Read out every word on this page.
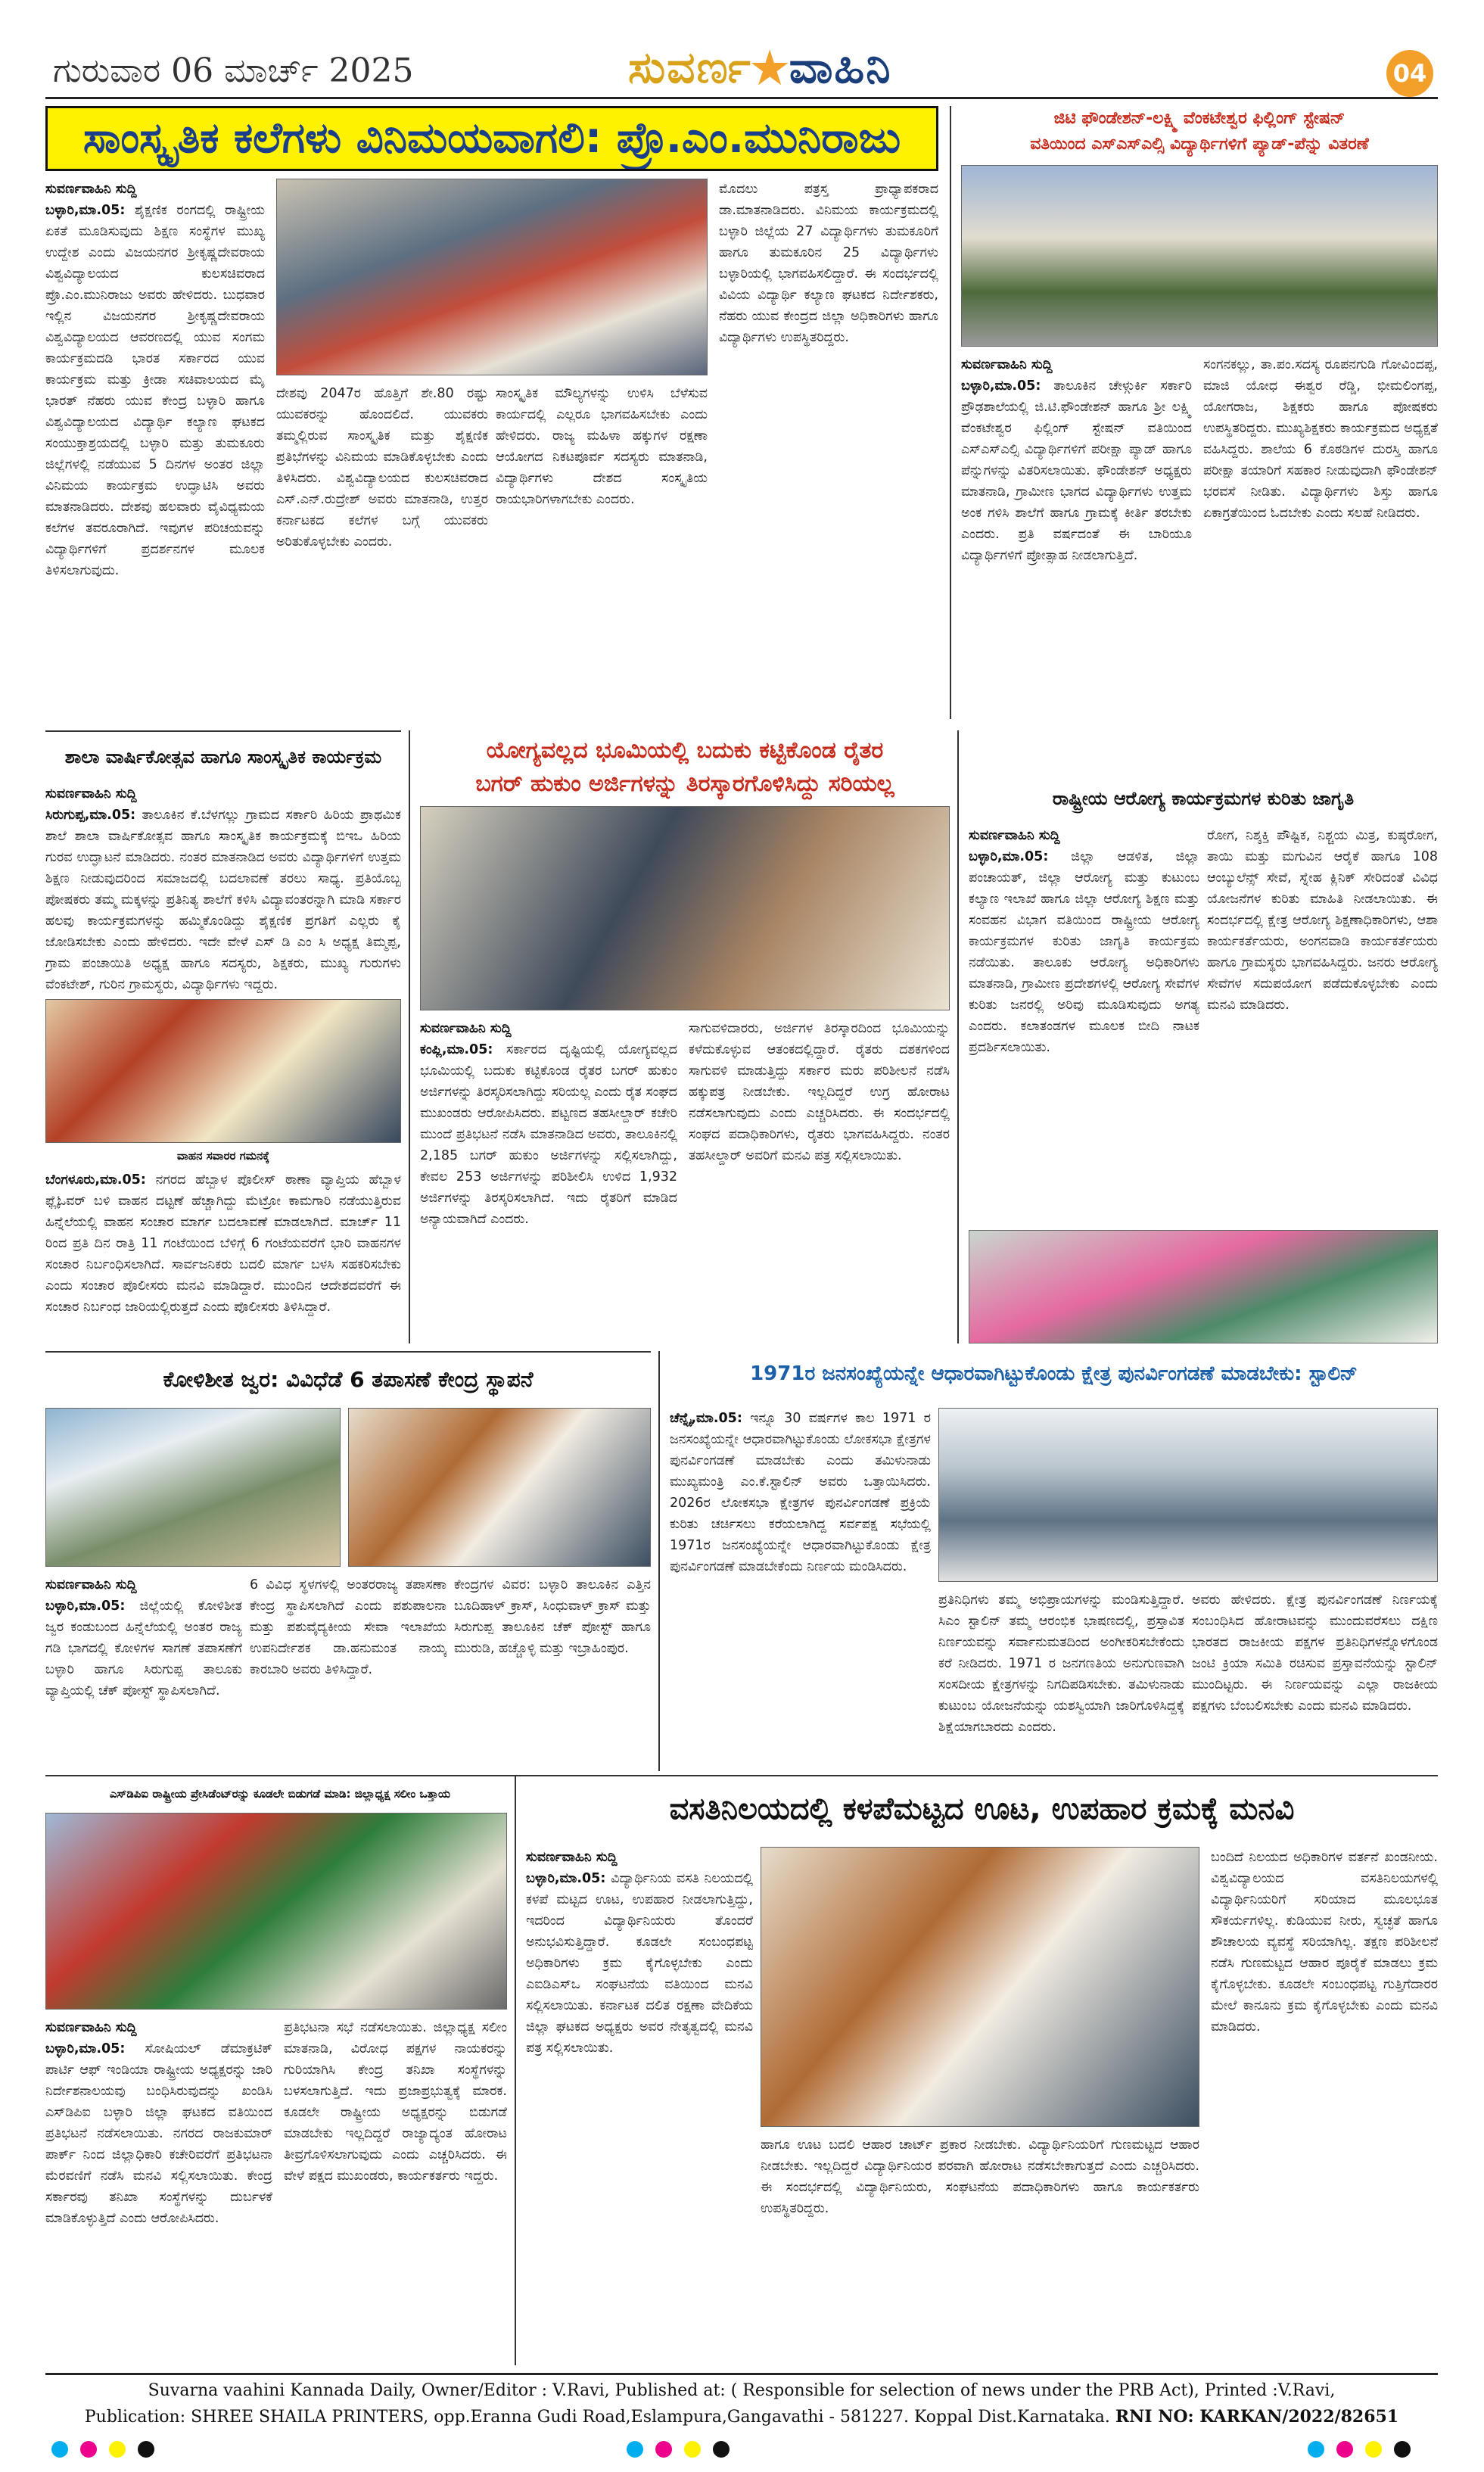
ಗುರುವಾರ 06 ಮಾರ್ಚ್ 2025	ಸುವರ್ಣ★ವಾಹಿನಿ	04
ಸಾಂಸ್ಕೃತಿಕ ಕಲೆಗಳು ವಿನಿಮಯವಾಗಲಿ: ಪ್ರೊ.ಎಂ.ಮುನಿರಾಜು
ಸುವರ್ಣವಾಹಿನಿ ಸುದ್ದಿ
ಬಳ್ಳಾರಿ,ಮಾ.05: ಶೈಕ್ಷಣಿಕ ರಂಗದಲ್ಲಿ ರಾಷ್ಟ್ರೀಯ ಏಕತೆ ಮೂಡಿಸುವುದು ಶಿಕ್ಷಣ ಸಂಸ್ಥೆಗಳ ಮುಖ್ಯ ಉದ್ದೇಶ ಎಂದು ವಿಜಯನಗರ ಶ್ರೀಕೃಷ್ಣದೇವರಾಯ ವಿಶ್ವವಿದ್ಯಾಲಯದ ಕುಲಸಚಿವರಾದ ಪ್ರೊ.ಎಂ.ಮುನಿರಾಜು ಅವರು ಹೇಳಿದರು. ಬುಧವಾರ ಇಲ್ಲಿನ ವಿಜಯನಗರ ಶ್ರೀಕೃಷ್ಣದೇವರಾಯ ವಿಶ್ವವಿದ್ಯಾಲಯದ ಆವರಣದಲ್ಲಿ ಯುವ ಸಂಗಮ ಕಾರ್ಯಕ್ರಮದಡಿ ಭಾರತ ಸರ್ಕಾರದ ಯುವ ಕಾರ್ಯಕ್ರಮ ಮತ್ತು ಕ್ರೀಡಾ ಸಚಿವಾಲಯದ ಮೈ ಭಾರತ್ ನೆಹರು ಯುವ ಕೇಂದ್ರ ಬಳ್ಳಾರಿ ಹಾಗೂ ವಿಶ್ವವಿದ್ಯಾಲಯದ ವಿದ್ಯಾರ್ಥಿ ಕಲ್ಯಾಣ ಘಟಕದ ಸಂಯುಕ್ತಾಶ್ರಯದಲ್ಲಿ ಬಳ್ಳಾರಿ ಮತ್ತು ತುಮಕೂರು ಜಿಲ್ಲೆಗಳಲ್ಲಿ ನಡೆಯುವ 5 ದಿನಗಳ ಅಂತರ ಜಿಲ್ಲಾ ವಿನಿಮಯ ಕಾರ್ಯಕ್ರಮ ಉದ್ಘಾಟಿಸಿ ಅವರು ಮಾತನಾಡಿದರು. ದೇಶವು ಹಲವಾರು ವೈವಿಧ್ಯಮಯ ಕಲೆಗಳ ತವರೂರಾಗಿದೆ. ಇವುಗಳ ಪರಿಚಯವನ್ನು ವಿದ್ಯಾರ್ಥಿಗಳಿಗೆ ಪ್ರದರ್ಶನಗಳ ಮೂಲಕ ತಿಳಿಸಲಾಗುವುದು.
ದೇಶವು 2047ರ ಹೊತ್ತಿಗೆ ಶೇ.80 ರಷ್ಟು ಯುವಕರನ್ನು ಹೊಂದಲಿದೆ. ಯುವಕರು ತಮ್ಮಲ್ಲಿರುವ ಸಾಂಸ್ಕೃತಿಕ ಮತ್ತು ಶೈಕ್ಷಣಿಕ ಪ್ರತಿಭೆಗಳನ್ನು ವಿನಿಮಯ ಮಾಡಿಕೊಳ್ಳಬೇಕು ಎಂದು ತಿಳಿಸಿದರು. ವಿಶ್ವವಿದ್ಯಾಲಯದ ಕುಲಸಚಿವರಾದ ಎಸ್.ಎನ್.ರುದ್ರೇಶ್ ಅವರು ಮಾತನಾಡಿ, ಉತ್ತರ ಕರ್ನಾಟಕದ ಕಲೆಗಳ ಬಗ್ಗೆ ಯುವಕರು ಅರಿತುಕೊಳ್ಳಬೇಕು ಎಂದರು.
ಸಾಂಸ್ಕೃತಿಕ ಮೌಲ್ಯಗಳನ್ನು ಉಳಿಸಿ ಬೆಳೆಸುವ ಕಾರ್ಯದಲ್ಲಿ ಎಲ್ಲರೂ ಭಾಗವಹಿಸಬೇಕು ಎಂದು ಹೇಳಿದರು. ರಾಜ್ಯ ಮಹಿಳಾ ಹಕ್ಕುಗಳ ರಕ್ಷಣಾ ಆಯೋಗದ ನಿಕಟಪೂರ್ವ ಸದಸ್ಯರು ಮಾತನಾಡಿ, ವಿದ್ಯಾರ್ಥಿಗಳು ದೇಶದ ಸಂಸ್ಕೃತಿಯ ರಾಯಭಾರಿಗಳಾಗಬೇಕು ಎಂದರು.
ಮೊದಲು ಪತ್ರಸ್ತ ಪ್ರಾಧ್ಯಾಪಕರಾದ ಡಾ.ಮಾತನಾಡಿದರು. ವಿನಿಮಯ ಕಾರ್ಯಕ್ರಮದಲ್ಲಿ ಬಳ್ಳಾರಿ ಜಿಲ್ಲೆಯ 27 ವಿದ್ಯಾರ್ಥಿಗಳು ತುಮಕೂರಿಗೆ ಹಾಗೂ ತುಮಕೂರಿನ 25 ವಿದ್ಯಾರ್ಥಿಗಳು ಬಳ್ಳಾರಿಯಲ್ಲಿ ಭಾಗವಹಿಸಲಿದ್ದಾರೆ. ಈ ಸಂದರ್ಭದಲ್ಲಿ ವಿವಿಯ ವಿದ್ಯಾರ್ಥಿ ಕಲ್ಯಾಣ ಘಟಕದ ನಿರ್ದೇಶಕರು, ನೆಹರು ಯುವ ಕೇಂದ್ರದ ಜಿಲ್ಲಾ ಅಧಿಕಾರಿಗಳು ಹಾಗೂ ವಿದ್ಯಾರ್ಥಿಗಳು ಉಪಸ್ಥಿತರಿದ್ದರು.
ಜಿಟಿ ಫೌಂಡೇಶನ್-ಲಕ್ಷ್ಮಿ ವೆಂಕಟೇಶ್ವರ ಫಿಲ್ಲಿಂಗ್ ಸ್ಟೇಷನ್
ವತಿಯಿಂದ ಎಸ್ಎಸ್ಎಲ್ಸಿ ವಿದ್ಯಾರ್ಥಿಗಳಿಗೆ ಪ್ಯಾಡ್-ಪೆನ್ನು ವಿತರಣೆ
ಸುವರ್ಣವಾಹಿನಿ ಸುದ್ದಿ
ಬಳ್ಳಾರಿ,ಮಾ.05: ತಾಲೂಕಿನ ಚೇಳ್ಗುರ್ಕಿ ಸರ್ಕಾರಿ ಪ್ರೌಢಶಾಲೆಯಲ್ಲಿ ಜಿ.ಟಿ.ಫೌಂಡೇಶನ್ ಹಾಗೂ ಶ್ರೀ ಲಕ್ಷ್ಮಿ ವೆಂಕಟೇಶ್ವರ ಫಿಲ್ಲಿಂಗ್ ಸ್ಟೇಷನ್ ವತಿಯಿಂದ ಎಸ್ಎಸ್ಎಲ್ಸಿ ವಿದ್ಯಾರ್ಥಿಗಳಿಗೆ ಪರೀಕ್ಷಾ ಪ್ಯಾಡ್ ಹಾಗೂ ಪೆನ್ನುಗಳನ್ನು ವಿತರಿಸಲಾಯಿತು. ಫೌಂಡೇಶನ್ ಅಧ್ಯಕ್ಷರು ಮಾತನಾಡಿ, ಗ್ರಾಮೀಣ ಭಾಗದ ವಿದ್ಯಾರ್ಥಿಗಳು ಉತ್ತಮ ಅಂಕ ಗಳಿಸಿ ಶಾಲೆಗೆ ಹಾಗೂ ಗ್ರಾಮಕ್ಕೆ ಕೀರ್ತಿ ತರಬೇಕು ಎಂದರು. ಪ್ರತಿ ವರ್ಷದಂತೆ ಈ ಬಾರಿಯೂ ವಿದ್ಯಾರ್ಥಿಗಳಿಗೆ ಪ್ರೋತ್ಸಾಹ ನೀಡಲಾಗುತ್ತಿದೆ.
ಸಂಗನಕಲ್ಲು, ತಾ.ಪಂ.ಸದಸ್ಯ ರೂಪನಗುಡಿ ಗೋವಿಂದಪ್ಪ, ಮಾಜಿ ಯೋಧ ಈಶ್ವರ ರೆಡ್ಡಿ, ಭೀಮಲಿಂಗಪ್ಪ, ಯೋಗರಾಜ, ಶಿಕ್ಷಕರು ಹಾಗೂ ಪೋಷಕರು ಉಪಸ್ಥಿತರಿದ್ದರು. ಮುಖ್ಯಶಿಕ್ಷಕರು ಕಾರ್ಯಕ್ರಮದ ಅಧ್ಯಕ್ಷತೆ ವಹಿಸಿದ್ದರು. ಶಾಲೆಯ 6 ಕೊಠಡಿಗಳ ದುರಸ್ತಿ ಹಾಗೂ ಪರೀಕ್ಷಾ ತಯಾರಿಗೆ ಸಹಕಾರ ನೀಡುವುದಾಗಿ ಫೌಂಡೇಶನ್ ಭರವಸೆ ನೀಡಿತು. ವಿದ್ಯಾರ್ಥಿಗಳು ಶಿಸ್ತು ಹಾಗೂ ಏಕಾಗ್ರತೆಯಿಂದ ಓದಬೇಕು ಎಂದು ಸಲಹೆ ನೀಡಿದರು.
ಶಾಲಾ ವಾರ್ಷಿಕೋತ್ಸವ ಹಾಗೂ ಸಾಂಸ್ಕೃತಿಕ ಕಾರ್ಯಕ್ರಮ
ಸುವರ್ಣವಾಹಿನಿ ಸುದ್ದಿ
ಸಿರುಗುಪ್ಪ,ಮಾ.05: ತಾಲೂಕಿನ ಕೆ.ಬೆಳಗಲ್ಲು ಗ್ರಾಮದ ಸರ್ಕಾರಿ ಹಿರಿಯ ಪ್ರಾಥಮಿಕ ಶಾಲೆ ಶಾಲಾ ವಾರ್ಷಿಕೋತ್ಸವ ಹಾಗೂ ಸಾಂಸ್ಕೃತಿಕ ಕಾರ್ಯಕ್ರಮಕ್ಕೆ ಬಿಇಒ ಹಿರಿಯ ಗುರವ ಉದ್ಘಾಟನೆ ಮಾಡಿದರು. ನಂತರ ಮಾತನಾಡಿದ ಅವರು ವಿದ್ಯಾರ್ಥಿಗಳಿಗೆ ಉತ್ತಮ ಶಿಕ್ಷಣ ನೀಡುವುದರಿಂದ ಸಮಾಜದಲ್ಲಿ ಬದಲಾವಣೆ ತರಲು ಸಾಧ್ಯ. ಪ್ರತಿಯೊಬ್ಬ ಪೋಷಕರು ತಮ್ಮ ಮಕ್ಕಳನ್ನು ಪ್ರತಿನಿತ್ಯ ಶಾಲೆಗೆ ಕಳಿಸಿ ವಿದ್ಯಾವಂತರನ್ನಾಗಿ ಮಾಡಿ ಸರ್ಕಾರ ಹಲವು ಕಾರ್ಯಕ್ರಮಗಳನ್ನು ಹಮ್ಮಿಕೊಂಡಿದ್ದು ಶೈಕ್ಷಣಿಕ ಪ್ರಗತಿಗೆ ಎಲ್ಲರು ಕೈ ಜೋಡಿಸಬೇಕು ಎಂದು ಹೇಳಿದರು. ಇದೇ ವೇಳೆ ಎಸ್ ಡಿ ಎಂ ಸಿ ಅಧ್ಯಕ್ಷ ತಿಮ್ಮಪ್ಪ, ಗ್ರಾಮ ಪಂಚಾಯಿತಿ ಅಧ್ಯಕ್ಷ ಹಾಗೂ ಸದಸ್ಯರು, ಶಿಕ್ಷಕರು, ಮುಖ್ಯ ಗುರುಗಳು ವೆಂಕಟೇಶ್, ಗುರಿನ ಗ್ರಾಮಸ್ಥರು, ವಿದ್ಯಾರ್ಥಿಗಳು ಇದ್ದರು.
ವಾಹನ ಸವಾರರ ಗಮನಕ್ಕೆ
ಬೆಂಗಳೂರು,ಮಾ.05: ನಗರದ ಹೆಬ್ಬಾಳ ಪೊಲೀಸ್ ಠಾಣಾ ವ್ಯಾಪ್ತಿಯ ಹೆಬ್ಬಾಳ ಫ್ಲೈಓವರ್ ಬಳಿ ವಾಹನ ದಟ್ಟಣೆ ಹೆಚ್ಚಾಗಿದ್ದು ಮೆಟ್ರೋ ಕಾಮಗಾರಿ ನಡೆಯುತ್ತಿರುವ ಹಿನ್ನೆಲೆಯಲ್ಲಿ ವಾಹನ ಸಂಚಾರ ಮಾರ್ಗ ಬದಲಾವಣೆ ಮಾಡಲಾಗಿದೆ. ಮಾರ್ಚ್ 11 ರಿಂದ ಪ್ರತಿ ದಿನ ರಾತ್ರಿ 11 ಗಂಟೆಯಿಂದ ಬೆಳಿಗ್ಗೆ 6 ಗಂಟೆಯವರೆಗೆ ಭಾರಿ ವಾಹನಗಳ ಸಂಚಾರ ನಿರ್ಬಂಧಿಸಲಾಗಿದೆ. ಸಾರ್ವಜನಿಕರು ಬದಲಿ ಮಾರ್ಗ ಬಳಸಿ ಸಹಕರಿಸಬೇಕು ಎಂದು ಸಂಚಾರ ಪೊಲೀಸರು ಮನವಿ ಮಾಡಿದ್ದಾರೆ. ಮುಂದಿನ ಆದೇಶದವರೆಗೆ ಈ ಸಂಚಾರ ನಿರ್ಬಂಧ ಜಾರಿಯಲ್ಲಿರುತ್ತದೆ ಎಂದು ಪೊಲೀಸರು ತಿಳಿಸಿದ್ದಾರೆ.
ಯೋಗ್ಯವಲ್ಲದ ಭೂಮಿಯಲ್ಲಿ ಬದುಕು ಕಟ್ಟಿಕೊಂಡ ರೈತರ
ಬಗರ್ ಹುಕುಂ ಅರ್ಜಿಗಳನ್ನು ತಿರಸ್ಕಾರಗೊಳಿಸಿದ್ದು ಸರಿಯಲ್ಲ
ಸುವರ್ಣವಾಹಿನಿ ಸುದ್ದಿ
ಕಂಪ್ಲಿ,ಮಾ.05: ಸರ್ಕಾರದ ದೃಷ್ಟಿಯಲ್ಲಿ ಯೋಗ್ಯವಲ್ಲದ ಭೂಮಿಯಲ್ಲಿ ಬದುಕು ಕಟ್ಟಿಕೊಂಡ ರೈತರ ಬಗರ್ ಹುಕುಂ ಅರ್ಜಿಗಳನ್ನು ತಿರಸ್ಕರಿಸಲಾಗಿದ್ದು ಸರಿಯಲ್ಲ ಎಂದು ರೈತ ಸಂಘದ ಮುಖಂಡರು ಆರೋಪಿಸಿದರು. ಪಟ್ಟಣದ ತಹಸೀಲ್ದಾರ್ ಕಚೇರಿ ಮುಂದೆ ಪ್ರತಿಭಟನೆ ನಡೆಸಿ ಮಾತನಾಡಿದ ಅವರು, ತಾಲೂಕಿನಲ್ಲಿ 2,185 ಬಗರ್ ಹುಕುಂ ಅರ್ಜಿಗಳನ್ನು ಸಲ್ಲಿಸಲಾಗಿದ್ದು, ಕೇವಲ 253 ಅರ್ಜಿಗಳನ್ನು ಪರಿಶೀಲಿಸಿ ಉಳಿದ 1,932 ಅರ್ಜಿಗಳನ್ನು ತಿರಸ್ಕರಿಸಲಾಗಿದೆ. ಇದು ರೈತರಿಗೆ ಮಾಡಿದ ಅನ್ಯಾಯವಾಗಿದೆ ಎಂದರು.
ಸಾಗುವಳಿದಾರರು, ಅರ್ಜಿಗಳ ತಿರಸ್ಕಾರದಿಂದ ಭೂಮಿಯನ್ನು ಕಳೆದುಕೊಳ್ಳುವ ಆತಂಕದಲ್ಲಿದ್ದಾರೆ. ರೈತರು ದಶಕಗಳಿಂದ ಸಾಗುವಳಿ ಮಾಡುತ್ತಿದ್ದು ಸರ್ಕಾರ ಮರು ಪರಿಶೀಲನೆ ನಡೆಸಿ ಹಕ್ಕುಪತ್ರ ನೀಡಬೇಕು. ಇಲ್ಲದಿದ್ದರೆ ಉಗ್ರ ಹೋರಾಟ ನಡೆಸಲಾಗುವುದು ಎಂದು ಎಚ್ಚರಿಸಿದರು. ಈ ಸಂದರ್ಭದಲ್ಲಿ ಸಂಘದ ಪದಾಧಿಕಾರಿಗಳು, ರೈತರು ಭಾಗವಹಿಸಿದ್ದರು. ನಂತರ ತಹಸೀಲ್ದಾರ್ ಅವರಿಗೆ ಮನವಿ ಪತ್ರ ಸಲ್ಲಿಸಲಾಯಿತು.
ರಾಷ್ಟ್ರೀಯ ಆರೋಗ್ಯ ಕಾರ್ಯಕ್ರಮಗಳ ಕುರಿತು ಜಾಗೃತಿ
ಸುವರ್ಣವಾಹಿನಿ ಸುದ್ದಿ
ಬಳ್ಳಾರಿ,ಮಾ.05: ಜಿಲ್ಲಾ ಆಡಳಿತ, ಜಿಲ್ಲಾ ಪಂಚಾಯತ್, ಜಿಲ್ಲಾ ಆರೋಗ್ಯ ಮತ್ತು ಕುಟುಂಬ ಕಲ್ಯಾಣ ಇಲಾಖೆ ಹಾಗೂ ಜಿಲ್ಲಾ ಆರೋಗ್ಯ ಶಿಕ್ಷಣ ಮತ್ತು ಸಂವಹನ ವಿಭಾಗ ವತಿಯಿಂದ ರಾಷ್ಟ್ರೀಯ ಆರೋಗ್ಯ ಕಾರ್ಯಕ್ರಮಗಳ ಕುರಿತು ಜಾಗೃತಿ ಕಾರ್ಯಕ್ರಮ ನಡೆಯಿತು. ತಾಲೂಕು ಆರೋಗ್ಯ ಅಧಿಕಾರಿಗಳು ಮಾತನಾಡಿ, ಗ್ರಾಮೀಣ ಪ್ರದೇಶಗಳಲ್ಲಿ ಆರೋಗ್ಯ ಸೇವೆಗಳ ಕುರಿತು ಜನರಲ್ಲಿ ಅರಿವು ಮೂಡಿಸುವುದು ಅಗತ್ಯ ಎಂದರು. ಕಲಾತಂಡಗಳ ಮೂಲಕ ಬೀದಿ ನಾಟಕ ಪ್ರದರ್ಶಿಸಲಾಯಿತು.
ರೋಗ, ನಿಶ್ಶಕ್ತಿ ಪೌಷ್ಟಿಕ, ನಿಶ್ಚಯ ಮಿತ್ರ, ಕುಷ್ಠರೋಗ, ತಾಯಿ ಮತ್ತು ಮಗುವಿನ ಆರೈಕೆ ಹಾಗೂ 108 ಆಂಬ್ಯುಲೆನ್ಸ್ ಸೇವೆ, ಸ್ನೇಹ ಕ್ಲಿನಿಕ್ ಸೇರಿದಂತೆ ವಿವಿಧ ಯೋಜನೆಗಳ ಕುರಿತು ಮಾಹಿತಿ ನೀಡಲಾಯಿತು. ಈ ಸಂದರ್ಭದಲ್ಲಿ ಕ್ಷೇತ್ರ ಆರೋಗ್ಯ ಶಿಕ್ಷಣಾಧಿಕಾರಿಗಳು, ಆಶಾ ಕಾರ್ಯಕರ್ತೆಯರು, ಅಂಗನವಾಡಿ ಕಾರ್ಯಕರ್ತೆಯರು ಹಾಗೂ ಗ್ರಾಮಸ್ಥರು ಭಾಗವಹಿಸಿದ್ದರು. ಜನರು ಆರೋಗ್ಯ ಸೇವೆಗಳ ಸದುಪಯೋಗ ಪಡೆದುಕೊಳ್ಳಬೇಕು ಎಂದು ಮನವಿ ಮಾಡಿದರು.
ಕೋಳಿಶೀತ ಜ್ವರ: ವಿವಿಧೆಡೆ 6 ತಪಾಸಣೆ ಕೇಂದ್ರ ಸ್ಥಾಪನೆ
ಸುವರ್ಣವಾಹಿನಿ ಸುದ್ದಿ
ಬಳ್ಳಾರಿ,ಮಾ.05: ಜಿಲ್ಲೆಯಲ್ಲಿ ಕೋಳಿಶೀತ ಜ್ವರ ಕಂಡುಬಂದ ಹಿನ್ನೆಲೆಯಲ್ಲಿ ಅಂತರ ರಾಜ್ಯ ಗಡಿ ಭಾಗದಲ್ಲಿ ಕೋಳಿಗಳ ಸಾಗಣೆ ತಪಾಸಣೆಗೆ ಬಳ್ಳಾರಿ ಹಾಗೂ ಸಿರುಗುಪ್ಪ ತಾಲೂಕು ವ್ಯಾಪ್ತಿಯಲ್ಲಿ ಚೆಕ್ ಪೋಸ್ಟ್ ಸ್ಥಾಪಿಸಲಾಗಿದೆ.
6 ವಿವಿಧ ಸ್ಥಳಗಳಲ್ಲಿ ಅಂತರರಾಜ್ಯ ತಪಾಸಣಾ ಕೇಂದ್ರ ಸ್ಥಾಪಿಸಲಾಗಿದೆ ಎಂದು ಪಶುಪಾಲನಾ ಮತ್ತು ಪಶುವೈದ್ಯಕೀಯ ಸೇವಾ ಇಲಾಖೆಯ ಉಪನಿರ್ದೇಶಕ ಡಾ.ಹನುಮಂತ ನಾಯ್ಕ ಕಾರಬಾರಿ ಅವರು ತಿಳಿಸಿದ್ದಾರೆ.
ಕೇಂದ್ರಗಳ ವಿವರ: ಬಳ್ಳಾರಿ ತಾಲೂಕಿನ ಎತ್ತಿನ ಬೂದಿಹಾಳ್ ಕ್ರಾಸ್, ಸಿಂಧುವಾಳ್ ಕ್ರಾಸ್ ಮತ್ತು ಸಿರುಗುಪ್ಪ ತಾಲೂಕಿನ ಚೆಕ್ ಪೋಸ್ಟ್ ಹಾಗೂ ಮುರುಡಿ, ಹಚ್ಚೊಳ್ಳಿ ಮತ್ತು ಇಬ್ರಾಹಿಂಪುರ.
ಎಸ್‌ಡಿಪಿಐ ರಾಷ್ಟ್ರೀಯ ಪ್ರೇಸಿಡೆಂಟ್‌ರನ್ನು ಕೂಡಲೇ ಬಿಡುಗಡೆ ಮಾಡಿ: ಜಿಲ್ಲಾಧ್ಯಕ್ಷ ಸಲೀಂ ಒತ್ತಾಯ
ಸುವರ್ಣವಾಹಿನಿ ಸುದ್ದಿ
ಬಳ್ಳಾರಿ,ಮಾ.05: ಸೋಷಿಯಲ್ ಡೆಮಾಕ್ರಟಿಕ್ ಪಾರ್ಟಿ ಆಫ್ ಇಂಡಿಯಾ ರಾಷ್ಟ್ರೀಯ ಅಧ್ಯಕ್ಷರನ್ನು ಜಾರಿ ನಿರ್ದೇಶನಾಲಯವು ಬಂಧಿಸಿರುವುದನ್ನು ಖಂಡಿಸಿ ಎಸ್‌ಡಿಪಿಐ ಬಳ್ಳಾರಿ ಜಿಲ್ಲಾ ಘಟಕದ ವತಿಯಿಂದ ಪ್ರತಿಭಟನೆ ನಡೆಸಲಾಯಿತು. ನಗರದ ರಾಜಕುಮಾರ್ ಪಾರ್ಕ್ ನಿಂದ ಜಿಲ್ಲಾಧಿಕಾರಿ ಕಚೇರಿವರೆಗೆ ಪ್ರತಿಭಟನಾ ಮೆರವಣಿಗೆ ನಡೆಸಿ ಮನವಿ ಸಲ್ಲಿಸಲಾಯಿತು. ಕೇಂದ್ರ ಸರ್ಕಾರವು ತನಿಖಾ ಸಂಸ್ಥೆಗಳನ್ನು ದುರ್ಬಳಕೆ ಮಾಡಿಕೊಳ್ಳುತ್ತಿದೆ ಎಂದು ಆರೋಪಿಸಿದರು.
ಪ್ರತಿಭಟನಾ ಸಭೆ ನಡೆಸಲಾಯಿತು. ಜಿಲ್ಲಾಧ್ಯಕ್ಷ ಸಲೀಂ ಮಾತನಾಡಿ, ವಿರೋಧ ಪಕ್ಷಗಳ ನಾಯಕರನ್ನು ಗುರಿಯಾಗಿಸಿ ಕೇಂದ್ರ ತನಿಖಾ ಸಂಸ್ಥೆಗಳನ್ನು ಬಳಸಲಾಗುತ್ತಿದೆ. ಇದು ಪ್ರಜಾಪ್ರಭುತ್ವಕ್ಕೆ ಮಾರಕ. ಕೂಡಲೇ ರಾಷ್ಟ್ರೀಯ ಅಧ್ಯಕ್ಷರನ್ನು ಬಿಡುಗಡೆ ಮಾಡಬೇಕು ಇಲ್ಲದಿದ್ದರೆ ರಾಜ್ಯಾದ್ಯಂತ ಹೋರಾಟ ತೀವ್ರಗೊಳಿಸಲಾಗುವುದು ಎಂದು ಎಚ್ಚರಿಸಿದರು. ಈ ವೇಳೆ ಪಕ್ಷದ ಮುಖಂಡರು, ಕಾರ್ಯಕರ್ತರು ಇದ್ದರು.
1971ರ ಜನಸಂಖ್ಯೆಯನ್ನೇ ಆಧಾರವಾಗಿಟ್ಟುಕೊಂಡು ಕ್ಷೇತ್ರ ಪುನರ್ವಿಂಗಡಣೆ ಮಾಡಬೇಕು: ಸ್ಟಾಲಿನ್
ಚೆನ್ನೈ,ಮಾ.05: ಇನ್ನೂ 30 ವರ್ಷಗಳ ಕಾಲ 1971 ರ ಜನಸಂಖ್ಯೆಯನ್ನೇ ಆಧಾರವಾಗಿಟ್ಟುಕೊಂಡು ಲೋಕಸಭಾ ಕ್ಷೇತ್ರಗಳ ಪುನರ್ವಿಂಗಡಣೆ ಮಾಡಬೇಕು ಎಂದು ತಮಿಳುನಾಡು ಮುಖ್ಯಮಂತ್ರಿ ಎಂ.ಕೆ.ಸ್ಟಾಲಿನ್ ಅವರು ಒತ್ತಾಯಿಸಿದರು. 2026ರ ಲೋಕಸಭಾ ಕ್ಷೇತ್ರಗಳ ಪುನರ್ವಿಂಗಡಣೆ ಪ್ರಕ್ರಿಯೆ ಕುರಿತು ಚರ್ಚಿಸಲು ಕರೆಯಲಾಗಿದ್ದ ಸರ್ವಪಕ್ಷ ಸಭೆಯಲ್ಲಿ 1971ರ ಜನಸಂಖ್ಯೆಯನ್ನೇ ಆಧಾರವಾಗಿಟ್ಟುಕೊಂಡು ಕ್ಷೇತ್ರ ಪುನರ್ವಿಂಗಡಣೆ ಮಾಡಬೇಕೆಂದು ನಿರ್ಣಯ ಮಂಡಿಸಿದರು.
ಪ್ರತಿನಿಧಿಗಳು ತಮ್ಮ ಅಭಿಪ್ರಾಯಗಳನ್ನು ಮಂಡಿಸುತ್ತಿದ್ದಾರೆ. ಸಿಎಂ ಸ್ಟಾಲಿನ್ ತಮ್ಮ ಆರಂಭಿಕ ಭಾಷಣದಲ್ಲಿ, ಪ್ರಸ್ತಾವಿತ ನಿರ್ಣಯವನ್ನು ಸರ್ವಾನುಮತದಿಂದ ಅಂಗೀಕರಿಸಬೇಕೆಂದು ಕರೆ ನೀಡಿದರು. 1971 ರ ಜನಗಣತಿಯ ಅನುಗುಣವಾಗಿ ಸಂಸದೀಯ ಕ್ಷೇತ್ರಗಳನ್ನು ನಿಗದಿಪಡಿಸಬೇಕು. ತಮಿಳುನಾಡು ಕುಟುಂಬ ಯೋಜನೆಯನ್ನು ಯಶಸ್ವಿಯಾಗಿ ಜಾರಿಗೊಳಿಸಿದ್ದಕ್ಕೆ ಶಿಕ್ಷೆಯಾಗಬಾರದು ಎಂದರು.
ಅವರು ಹೇಳಿದರು. ಕ್ಷೇತ್ರ ಪುನರ್ವಿಂಗಡಣೆ ನಿರ್ಣಯಕ್ಕೆ ಸಂಬಂಧಿಸಿದ ಹೋರಾಟವನ್ನು ಮುಂದುವರೆಸಲು ದಕ್ಷಿಣ ಭಾರತದ ರಾಜಕೀಯ ಪಕ್ಷಗಳ ಪ್ರತಿನಿಧಿಗಳನ್ನೊಳಗೊಂಡ ಜಂಟಿ ಕ್ರಿಯಾ ಸಮಿತಿ ರಚಿಸುವ ಪ್ರಸ್ತಾವನೆಯನ್ನು ಸ್ಟಾಲಿನ್ ಮುಂದಿಟ್ಟರು. ಈ ನಿರ್ಣಯವನ್ನು ಎಲ್ಲಾ ರಾಜಕೀಯ ಪಕ್ಷಗಳು ಬೆಂಬಲಿಸಬೇಕು ಎಂದು ಮನವಿ ಮಾಡಿದರು.
ವಸತಿನಿಲಯದಲ್ಲಿ ಕಳಪೆಮಟ್ಟದ ಊಟ, ಉಪಹಾರ ಕ್ರಮಕ್ಕೆ ಮನವಿ
ಸುವರ್ಣವಾಹಿನಿ ಸುದ್ದಿ
ಬಳ್ಳಾರಿ,ಮಾ.05: ವಿದ್ಯಾರ್ಥಿನಿಯ ವಸತಿ ನಿಲಯದಲ್ಲಿ ಕಳಪೆ ಮಟ್ಟದ ಊಟ, ಉಪಹಾರ ನೀಡಲಾಗುತ್ತಿದ್ದು, ಇದರಿಂದ ವಿದ್ಯಾರ್ಥಿನಿಯರು ತೊಂದರೆ ಅನುಭವಿಸುತ್ತಿದ್ದಾರೆ. ಕೂಡಲೇ ಸಂಬಂಧಪಟ್ಟ ಅಧಿಕಾರಿಗಳು ಕ್ರಮ ಕೈಗೊಳ್ಳಬೇಕು ಎಂದು ಎಐಡಿಎಸ್‌ಒ ಸಂಘಟನೆಯ ವತಿಯಿಂದ ಮನವಿ ಸಲ್ಲಿಸಲಾಯಿತು. ಕರ್ನಾಟಕ ದಲಿತ ರಕ್ಷಣಾ ವೇದಿಕೆಯ ಜಿಲ್ಲಾ ಘಟಕದ ಅಧ್ಯಕ್ಷರು ಅವರ ನೇತೃತ್ವದಲ್ಲಿ ಮನವಿ ಪತ್ರ ಸಲ್ಲಿಸಲಾಯಿತು.
ಹಾಗೂ ಊಟ ಬದಲಿ ಆಹಾರ ಚಾರ್ಟ್ ಪ್ರಕಾರ ನೀಡಬೇಕು. ವಿದ್ಯಾರ್ಥಿನಿಯರಿಗೆ ಗುಣಮಟ್ಟದ ಆಹಾರ ನೀಡಬೇಕು. ಇಲ್ಲದಿದ್ದರೆ ವಿದ್ಯಾರ್ಥಿನಿಯರ ಪರವಾಗಿ ಹೋರಾಟ ನಡೆಸಬೇಕಾಗುತ್ತದೆ ಎಂದು ಎಚ್ಚರಿಸಿದರು. ಈ ಸಂದರ್ಭದಲ್ಲಿ ವಿದ್ಯಾರ್ಥಿನಿಯರು, ಸಂಘಟನೆಯ ಪದಾಧಿಕಾರಿಗಳು ಹಾಗೂ ಕಾರ್ಯಕರ್ತರು ಉಪಸ್ಥಿತರಿದ್ದರು.
ಬಂದಿದೆ ನಿಲಯದ ಅಧಿಕಾರಿಗಳ ವರ್ತನೆ ಖಂಡನೀಯ. ವಿಶ್ವವಿದ್ಯಾಲಯದ ವಸತಿನಿಲಯಗಳಲ್ಲಿ ವಿದ್ಯಾರ್ಥಿನಿಯರಿಗೆ ಸರಿಯಾದ ಮೂಲಭೂತ ಸೌಕರ್ಯಗಳಿಲ್ಲ. ಕುಡಿಯುವ ನೀರು, ಸ್ವಚ್ಛತೆ ಹಾಗೂ ಶೌಚಾಲಯ ವ್ಯವಸ್ಥೆ ಸರಿಯಾಗಿಲ್ಲ. ತಕ್ಷಣ ಪರಿಶೀಲನೆ ನಡೆಸಿ ಗುಣಮಟ್ಟದ ಆಹಾರ ಪೂರೈಕೆ ಮಾಡಲು ಕ್ರಮ ಕೈಗೊಳ್ಳಬೇಕು. ಕೂಡಲೇ ಸಂಬಂಧಪಟ್ಟ ಗುತ್ತಿಗೆದಾರರ ಮೇಲೆ ಕಾನೂನು ಕ್ರಮ ಕೈಗೊಳ್ಳಬೇಕು ಎಂದು ಮನವಿ ಮಾಡಿದರು.
Suvarna vaahini Kannada Daily, Owner/Editor : V.Ravi, Published at: ( Responsible for selection of news under the PRB Act), Printed :V.Ravi,
Publication: SHREE SHAILA PRINTERS, opp.Eranna Gudi Road,Eslampura,Gangavathi - 581227. Koppal Dist.Karnataka. RNI NO: KARKAN/2022/82651
